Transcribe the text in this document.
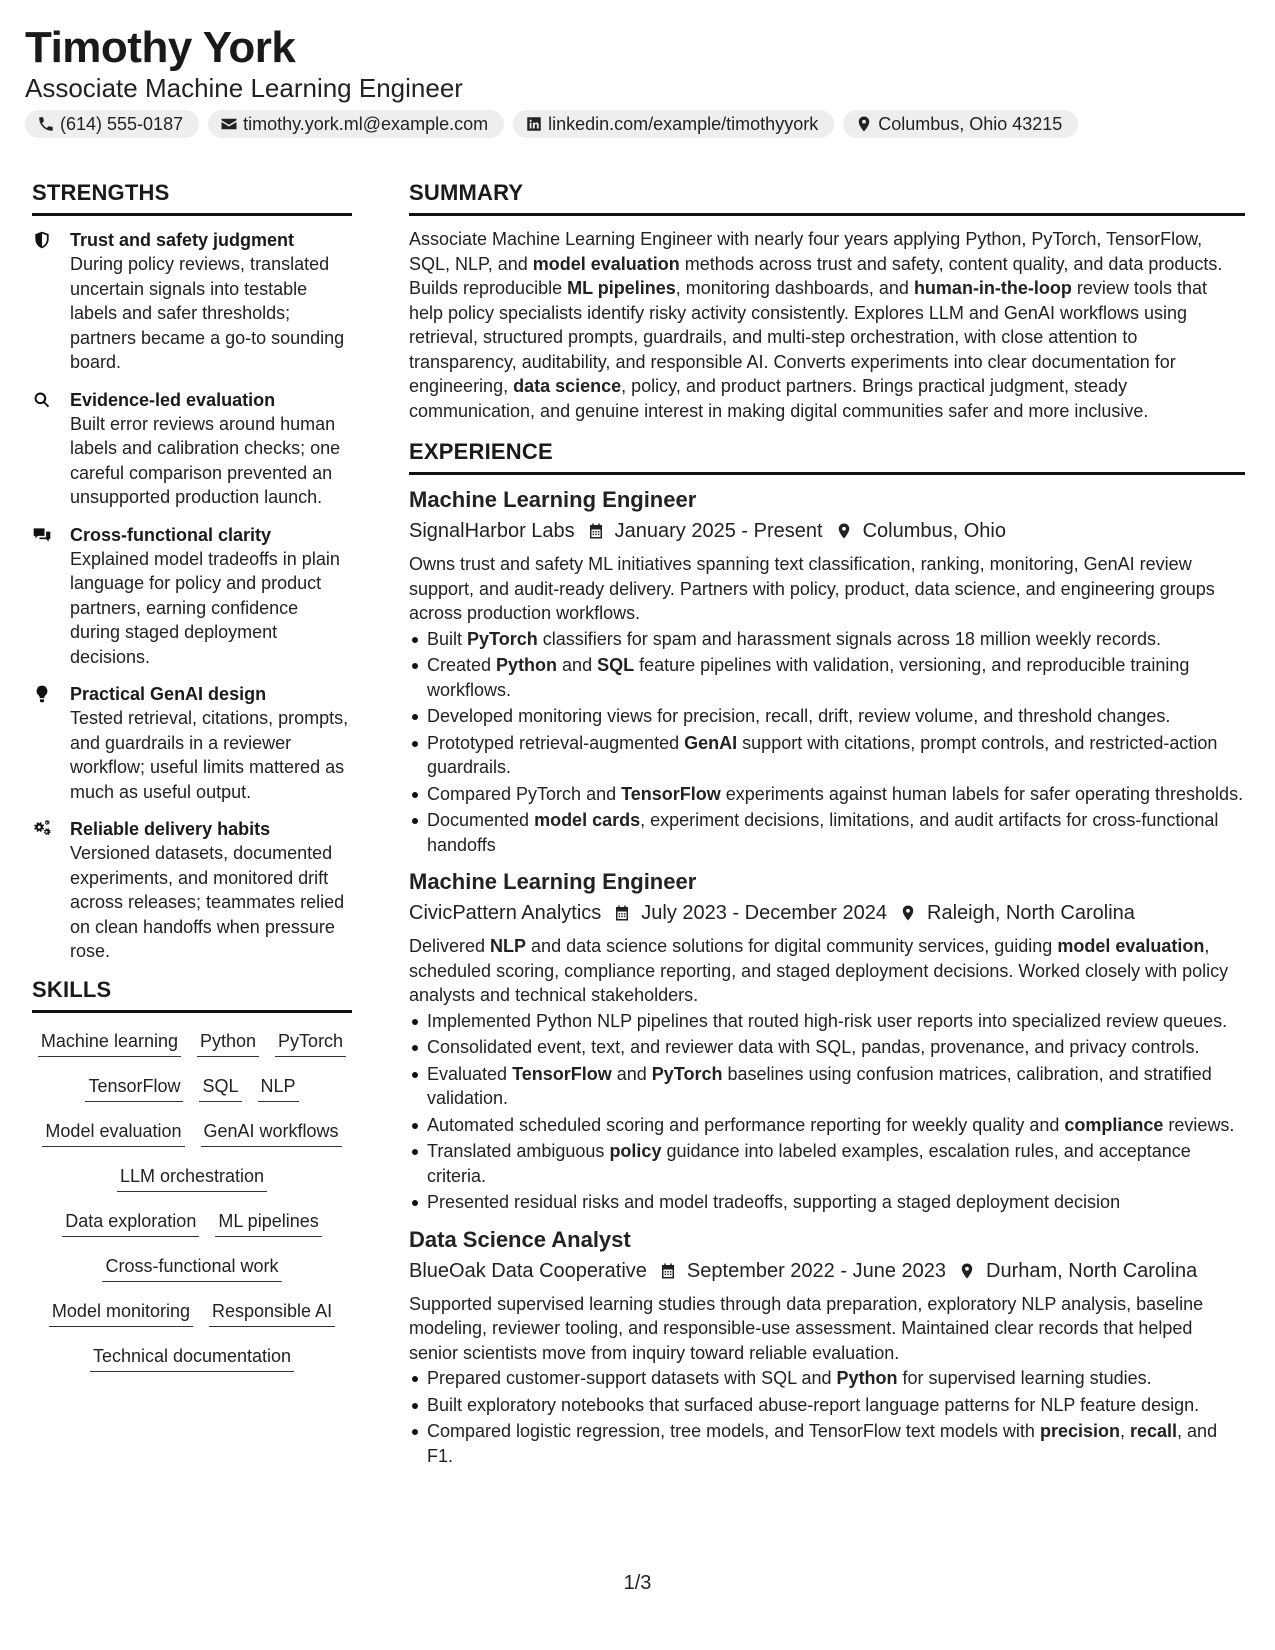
Timothy York
Associate Machine Learning Engineer
(614) 555-0187	timothy.york.ml@example.com	linkedin.com/example/timothyyork	Columbus, Ohio 43215
STRENGTHS
Trust and safety judgment
During policy reviews, translated uncertain signals into testable labels and safer thresholds; partners became a go-to sounding board.
Evidence-led evaluation
Built error reviews around human labels and calibration checks; one careful comparison prevented an unsupported production launch.
Cross-functional clarity
Explained model tradeoffs in plain language for policy and product partners, earning confidence during staged deployment decisions.
Practical GenAI design
Tested retrieval, citations, prompts, and guardrails in a reviewer workflow; useful limits mattered as much as useful output.
Reliable delivery habits
Versioned datasets, documented experiments, and monitored drift across releases; teammates relied on clean handoffs when pressure rose.
SKILLS
Machine learning Python PyTorch
TensorFlow SQL NLP
Model evaluation GenAI workflows
LLM orchestration
Data exploration ML pipelines
Cross-functional work
Model monitoring Responsible AI
Technical documentation
SUMMARY
Associate Machine Learning Engineer with nearly four years applying Python, PyTorch, TensorFlow, SQL, NLP, and model evaluation methods across trust and safety, content quality, and data products. Builds reproducible ML pipelines, monitoring dashboards, and human-in-the-loop review tools that help policy specialists identify risky activity consistently. Explores LLM and GenAI workflows using retrieval, structured prompts, guardrails, and multi-step orchestration, with close attention to transparency, auditability, and responsible AI. Converts experiments into clear documentation for engineering, data science, policy, and product partners. Brings practical judgment, steady communication, and genuine interest in making digital communities safer and more inclusive.
EXPERIENCE
Machine Learning Engineer
SignalHarbor Labs January 2025 - Present Columbus, Ohio
Owns trust and safety ML initiatives spanning text classification, ranking, monitoring, GenAI review support, and audit-ready delivery. Partners with policy, product, data science, and engineering groups across production workflows.
Built PyTorch classifiers for spam and harassment signals across 18 million weekly records.
Created Python and SQL feature pipelines with validation, versioning, and reproducible training workflows.
Developed monitoring views for precision, recall, drift, review volume, and threshold changes.
Prototyped retrieval-augmented GenAI support with citations, prompt controls, and restricted-action guardrails.
Compared PyTorch and TensorFlow experiments against human labels for safer operating thresholds.
Documented model cards, experiment decisions, limitations, and audit artifacts for cross-functional handoffs
Machine Learning Engineer
CivicPattern Analytics July 2023 - December 2024 Raleigh, North Carolina
Delivered NLP and data science solutions for digital community services, guiding model evaluation, scheduled scoring, compliance reporting, and staged deployment decisions. Worked closely with policy analysts and technical stakeholders.
Implemented Python NLP pipelines that routed high-risk user reports into specialized review queues.
Consolidated event, text, and reviewer data with SQL, pandas, provenance, and privacy controls.
Evaluated TensorFlow and PyTorch baselines using confusion matrices, calibration, and stratified validation.
Automated scheduled scoring and performance reporting for weekly quality and compliance reviews.
Translated ambiguous policy guidance into labeled examples, escalation rules, and acceptance criteria.
Presented residual risks and model tradeoffs, supporting a staged deployment decision
Data Science Analyst
BlueOak Data Cooperative September 2022 - June 2023 Durham, North Carolina
Supported supervised learning studies through data preparation, exploratory NLP analysis, baseline modeling, reviewer tooling, and responsible-use assessment. Maintained clear records that helped senior scientists move from inquiry toward reliable evaluation.
Prepared customer-support datasets with SQL and Python for supervised learning studies.
Built exploratory notebooks that surfaced abuse-report language patterns for NLP feature design.
Compared logistic regression, tree models, and TensorFlow text models with precision, recall, and F1.
1/3
